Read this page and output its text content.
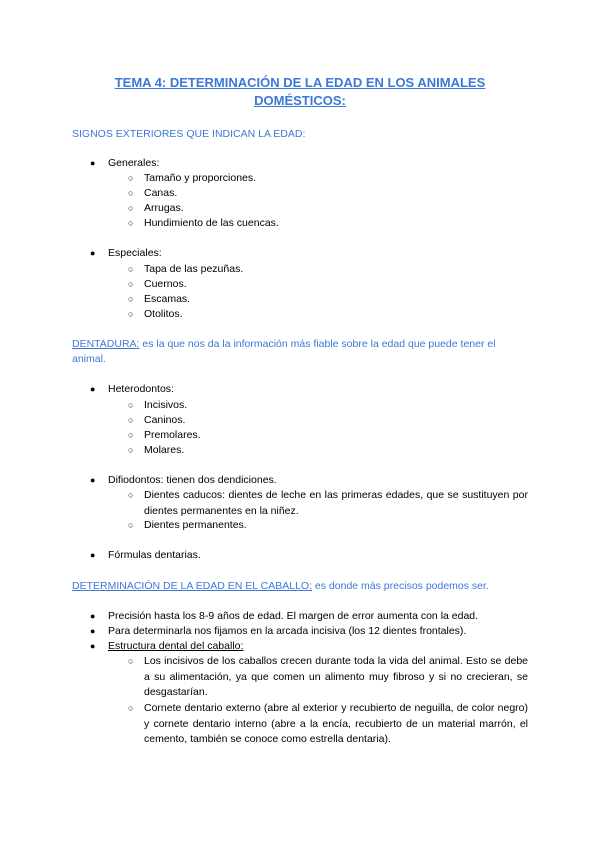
TEMA 4: DETERMINACIÓN DE LA EDAD EN LOS ANIMALES
DOMÉSTICOS:
SIGNOS EXTERIORES QUE INDICAN LA EDAD:
● Generales:
○ Tamaño y proporciones.
○ Canas.
○ Arrugas.
○ Hundimiento de las cuencas.
● Especiales:
○ Tapa de las pezuñas.
○ Cuernos.
○ Escamas.
○ Otolitos.
DENTADURA: es la que nos da la información más fiable sobre la edad que puede tener el
animal.
● Heterodontos:
○ Incisivos.
○ Caninos.
○ Premolares.
○ Molares.
● Difiodontos: tienen dos dendiciones.
○ Dientes caducos: dientes de leche en las primeras edades, que se sustituyen por dientes permanentes en la niñez.
○ Dientes permanentes.
● Fórmulas dentarias.
DETERMINACIÓN DE LA EDAD EN EL CABALLO: es donde más precisos podemos ser.
● Precisión hasta los 8-9 años de edad. El margen de error aumenta con la edad.
● Para determinarla nos fijamos en la arcada incisiva (los 12 dientes frontales).
● Estructura dental del caballo:
○ Los incisivos de los caballos crecen durante toda la vida del animal. Esto se debe a su alimentación, ya que comen un alimento muy fibroso y si no crecieran, se desgastarían.
○ Cornete dentario externo (abre al exterior y recubierto de neguilla, de color negro) y cornete dentario interno (abre a la encía, recubierto de un material marrón, el cemento, también se conoce como estrella dentaria).
